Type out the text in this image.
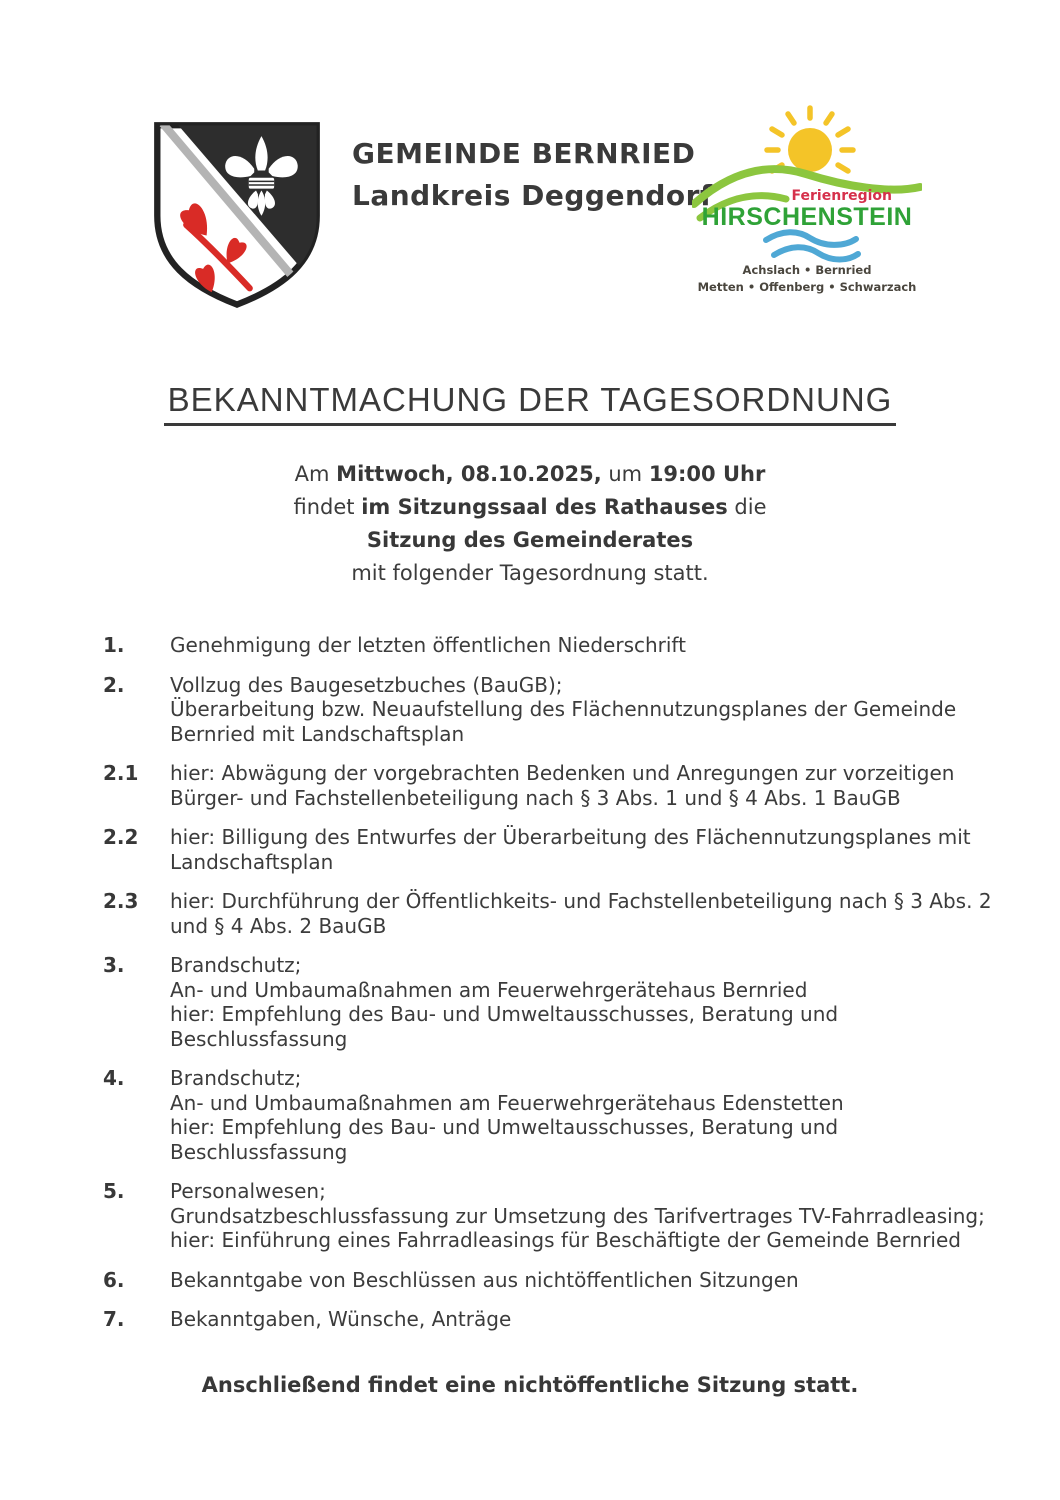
GEMEINDE BERNRIED
Landkreis Deggendorf	Ferienregion
HIRSCHENSTEIN
Achslach • Bernried
Metten • Offenberg • Schwarzach
BEKANNTMACHUNG DER TAGESORDNUNG
Am Mittwoch, 08.10.2025, um 19:00 Uhr
findet im Sitzungssaal des Rathauses die
Sitzung des Gemeinderates
mit folgender Tagesordnung statt.
1.	Genehmigung der letzten öffentlichen Niederschrift
2.	Vollzug des Baugesetzbuches (BauGB);
Überarbeitung bzw. Neuaufstellung des Flächennutzungsplanes der Gemeinde
Bernried mit Landschaftsplan
2.1	hier: Abwägung der vorgebrachten Bedenken und Anregungen zur vorzeitigen
Bürger- und Fachstellenbeteiligung nach § 3 Abs. 1 und § 4 Abs. 1 BauGB
2.2	hier: Billigung des Entwurfes der Überarbeitung des Flächennutzungsplanes mit
Landschaftsplan
2.3	hier: Durchführung der Öffentlichkeits- und Fachstellenbeteiligung nach § 3 Abs. 2
und § 4 Abs. 2 BauGB
3.	Brandschutz;
An- und Umbaumaßnahmen am Feuerwehrgerätehaus Bernried
hier: Empfehlung des Bau- und Umweltausschusses, Beratung und Beschlussfassung
4.	Brandschutz;
An- und Umbaumaßnahmen am Feuerwehrgerätehaus Edenstetten
hier: Empfehlung des Bau- und Umweltausschusses, Beratung und Beschlussfassung
5.	Personalwesen;
Grundsatzbeschlussfassung zur Umsetzung des Tarifvertrages TV-Fahrradleasing;
hier: Einführung eines Fahrradleasings für Beschäftigte der Gemeinde Bernried
6.	Bekanntgabe von Beschlüssen aus nichtöffentlichen Sitzungen
7.	Bekanntgaben, Wünsche, Anträge
Anschließend findet eine nichtöffentliche Sitzung statt.
